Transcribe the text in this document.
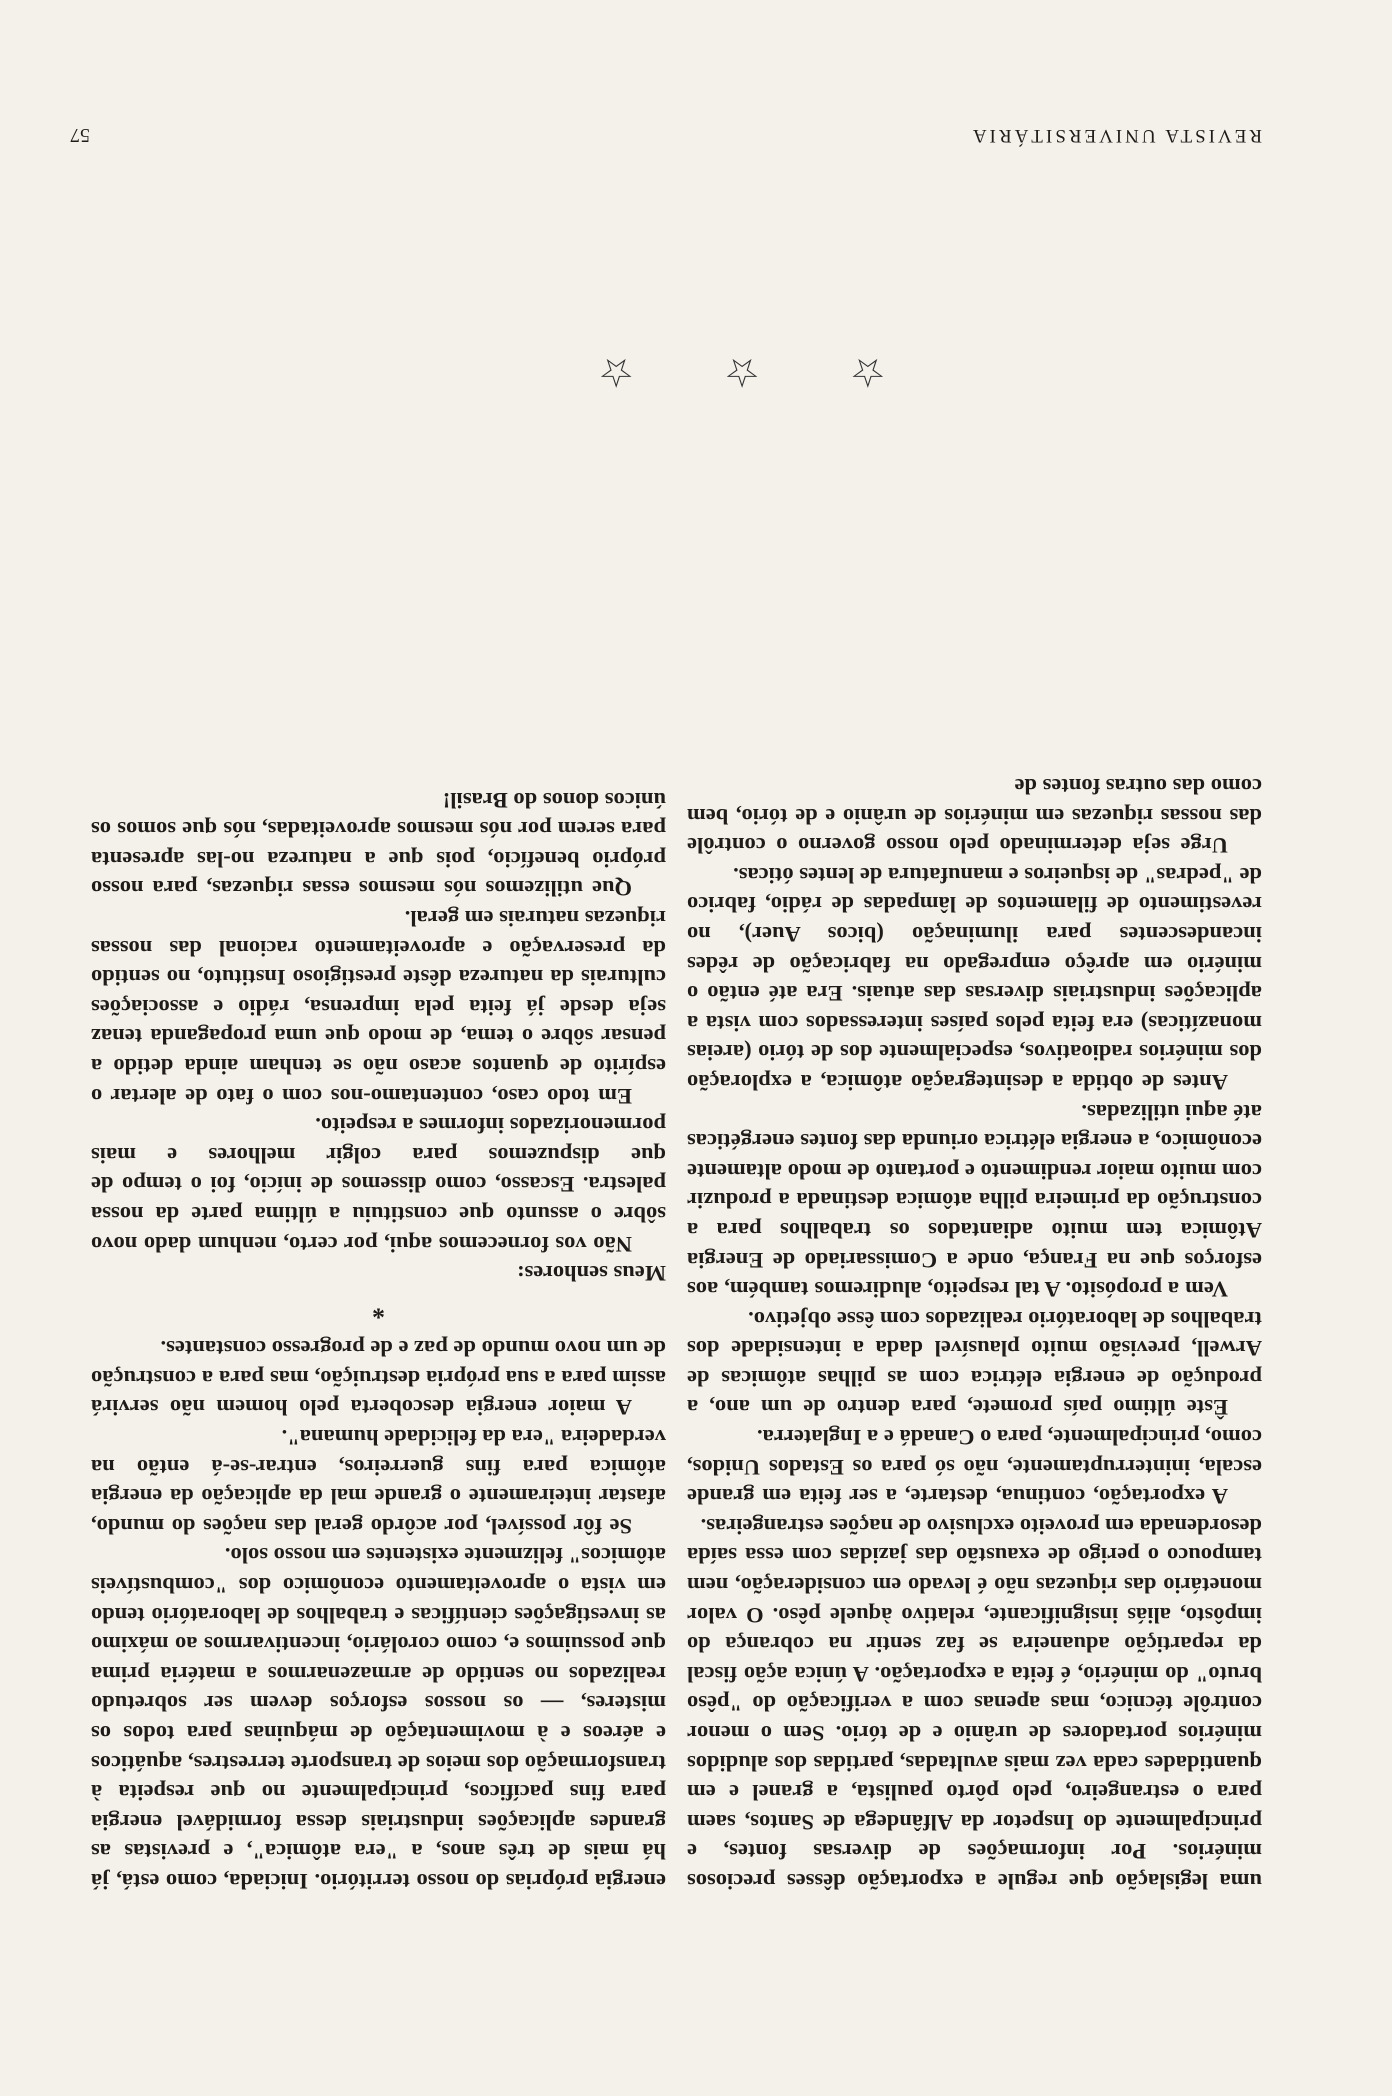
REVISTA UNIVERSITÁRIA
57

uma legislação que regule a exportação dêsses preciosos minérios. Por informações de diversas fontes, e principalmente do Inspetor da Alfândega de Santos, saem para o estrangeiro, pelo pôrto paulista, a granel e em quantidades cada vez mais avultadas, partidas dos aludidos minérios portadores de urânio e de tório. Sem o menor contrôle técnico, mas apenas com a verificação do "pêso bruto" do minério, é feita a exportação. A única ação fiscal da repartição aduaneira se faz sentir na cobrança do impôsto, aliás insignificante, relativo àquele pêso. O valor monetário das riquezas não é levado em consideração, nem tampouco o perigo de exaustão das jazidas com essa saída desordenada em proveito exclusivo de nações estrangeiras.

A exportação, continua, destarte, a ser feita em grande escala, ininterruptamente, não só para os Estados Unidos, como, principalmente, para o Canadá e a Inglaterra.

Êste último país promete, para dentro de um ano, a produção de energia elétrica com as pilhas atômicas de Arwell, previsão muito plausível dada a intensidade dos trabalhos de laboratório realizados com êsse objetivo.

Vem a propósito. A tal respeito, aludiremos também, aos esforços que na França, onde a Comissariado de Energia Atômica tem muito adiantados os trabalhos para a construção da primeira pilha atômica destinada a produzir com muito maior rendimento e portanto de modo altamente econômico, a energia elétrica oriunda das fontes energéticas até aqui utilizadas.

Antes de obtida a desintegração atômica, a exploração dos minérios radioativos, especialmente dos de tório (areias monazíticas) era feita pelos países interessados com vista a aplicações industriais diversas das atuais. Era até então o minério em aprêço empregado na fabricação de rêdes incandescentes para iluminação (bicos Auer), no revestimento de filamentos de lâmpadas de rádio, fabrico de "pedras" de isqueiros e manufatura de lentes óticas.

Urge seja determinado pelo nosso governo o contrôle das nossas riquezas em minérios de urânio e de tório, bem como das outras fontes de

energia próprias do nosso território. Iniciada, como está, já há mais de três anos, a "era atômica", e previstas as grandes aplicações industriais dessa formidável energia para fins pacíficos, principalmente no que respeita à transformação dos meios de transporte terrestres, aquáticos e aéreos e à movimentação de máquinas para todos os misteres, — os nossos esforços devem ser sobretudo realizados no sentido de armazenarmos a matéria prima que possuimos e, como corolário, incentivarmos ao máximo as investigações científicas e trabalhos de laboratório tendo em vista o aproveitamento econômico dos "combustíveis atômicos" felizmente existentes em nosso solo.

Se fôr possível, por acôrdo geral das nações do mundo, afastar inteiramente o grande mal da aplicação da energia atômica para fins guerreiros, entrar-se-á então na verdadeira "era da felicidade humana".

A maior energia descoberta pelo homem não servirá assim para a sua própria destruição, mas para a construção de um novo mundo de paz e de progresso constantes.

*

Meus senhores:

Não vos fornecemos aqui, por certo, nenhum dado novo sôbre o assunto que constituiu a última parte da nossa palestra. Escasso, como dissemos de início, foi o tempo de que dispuzemos para colgir melhores e mais pormenorizados informes a respeito.

Em todo caso, contentamo-nos com o fato de alertar o espírito de quantos acaso não se tenham ainda detido a pensar sôbre o tema, de modo que uma propaganda tenaz seja desde já feita pela imprensa, rádio e associações culturais da natureza dêste prestigioso Instituto, no sentido da preservação e aproveitamento racional das nossas riquezas naturais em geral.

Que utilizemos nós mesmos essas riquezas, para nosso próprio benefício, pois que a natureza no-las apresenta para serem por nós mesmos aproveitadas, nós que somos os únicos donos do Brasil!

☆ ☆ ☆
